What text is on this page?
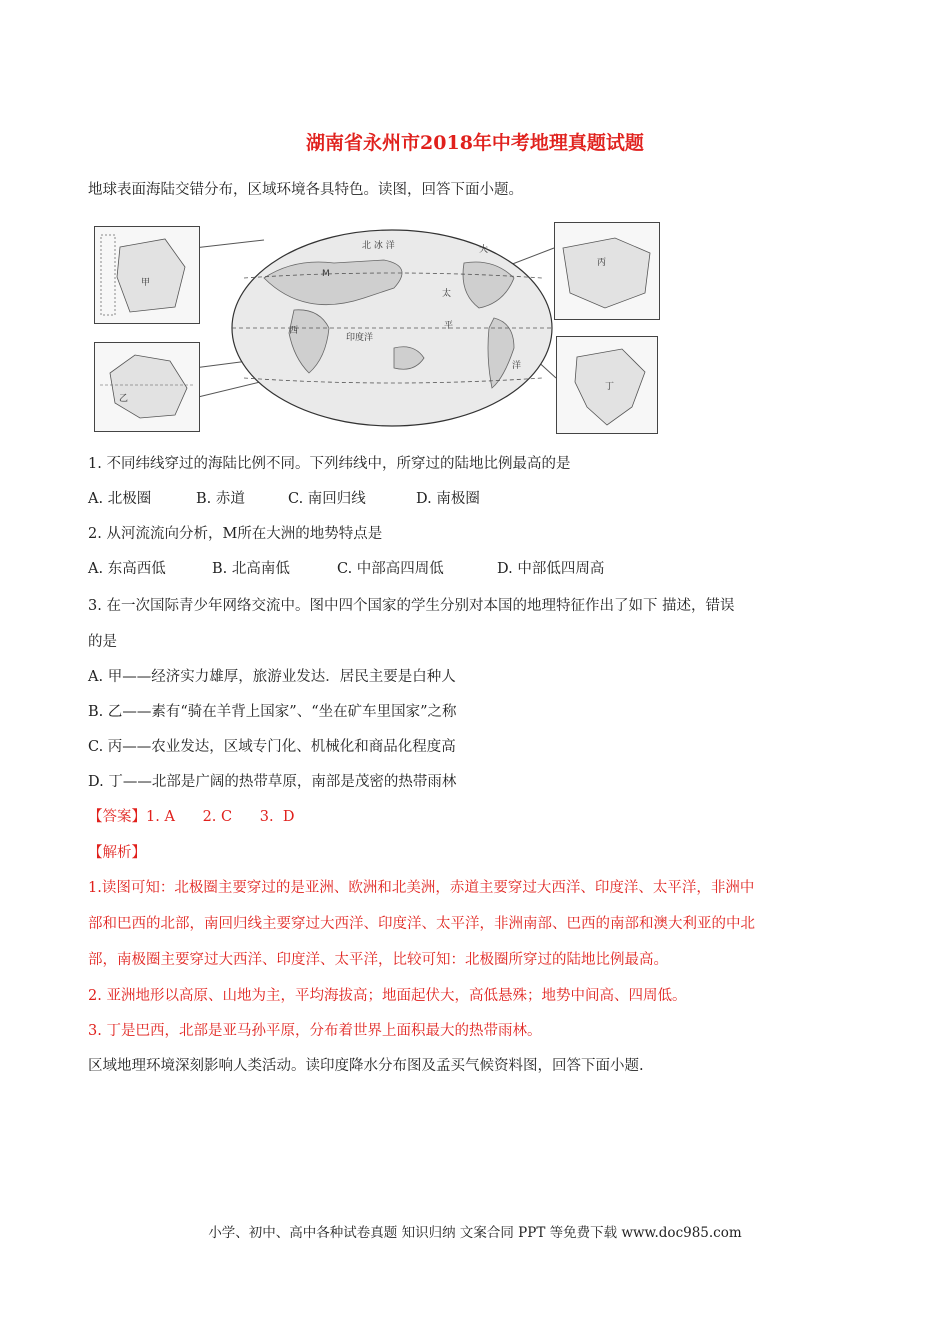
湖南省永州市2018年中考地理真题试题
地球表面海陆交错分布，区域环境各具特色。读图，回答下面小题。
北 冰 洋
M
太
平
洋
大
西
印度洋
甲
乙
丙
丁
1. 不同纬线穿过的海陆比例不同。下列纬线中，所穿过的陆地比例最高的是
A. 北极圈	B. 赤道	C. 南回归线	D. 南极圈
2. 从河流流向分析，M所在大洲的地势特点是
A. 东高西低	B. 北高南低	C. 中部高四周低	D. 中部低四周高
3. 在一次国际青少年网络交流中。图中四个国家的学生分别对本国的地理特征作出了如下 描述，错误
的是
A. 甲——经济实力雄厚，旅游业发达．居民主要是白种人
B. 乙——素有“骑在羊背上国家”、“坐在矿车里国家”之称
C. 丙——农业发达，区域专门化、机械化和商品化程度高
D. 丁——北部是广阔的热带草原，南部是茂密的热帯雨林
【答案】1. A      2. C      3.  D
【解析】
1.读图可知：北极圈主要穿过的是亚洲、欧洲和北美洲，赤道主要穿过大西洋、印度洋、太平洋，非洲中
部和巴西的北部，南回归线主要穿过大西洋、印度洋、太平洋，非洲南部、巴西的南部和澳大利亚的中北
部，南极圈主要穿过大西洋、印度洋、太平洋，比较可知：北极圈所穿过的陆地比例最高。
2. 亚洲地形以高原、山地为主，平均海拔高；地面起伏大，高低悬殊；地势中间高、四周低。
3. 丁是巴西，北部是亚马孙平原，分布着世界上面积最大的热带雨林。
区域地理环境深刻影响人类活动。读印度降水分布图及孟买气候资料图，回答下面小题.
小学、初中、高中各种试卷真题 知识归纳 文案合同 PPT 等免费下载 www.doc985.com
